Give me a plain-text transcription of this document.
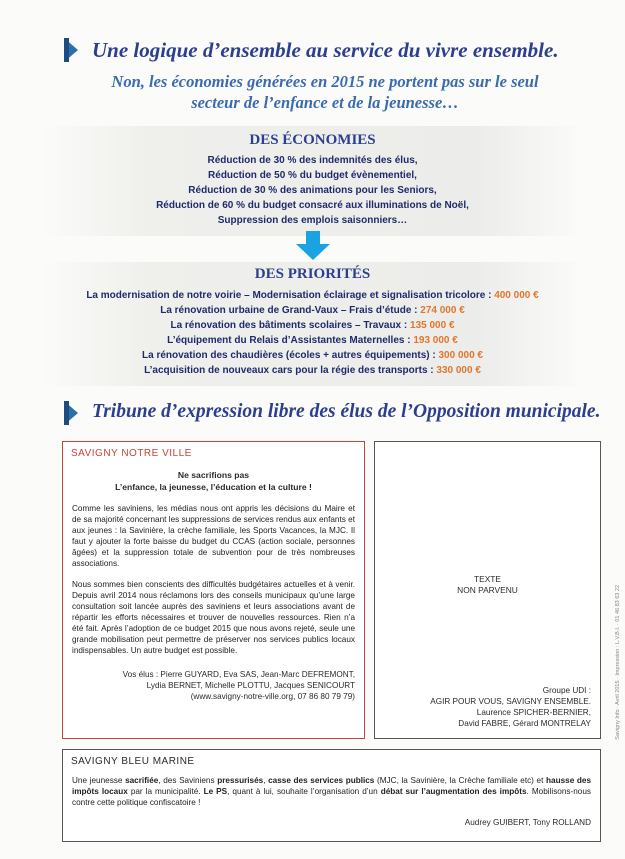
Une logique d’ensemble au service du vivre ensemble.
Non, les économies générées en 2015 ne portent pas sur le seul
secteur de l’enfance et de la jeunesse…
DES ÉCONOMIES
Réduction de 30 % des indemnités des élus,
Réduction de 50 % du budget évènementiel,
Réduction de 30 % des animations pour les Seniors,
Réduction de 60 % du budget consacré aux illuminations de Noël,
Suppression des emplois saisonniers…
DES PRIORITÉS
La modernisation de notre voirie – Modernisation éclairage et signalisation tricolore : 400 000 €
La rénovation urbaine de Grand-Vaux – Frais d’étude : 274 000 €
La rénovation des bâtiments scolaires – Travaux : 135 000 €
L’équipement du Relais d’Assistantes Maternelles : 193 000 €
La rénovation des chaudières (écoles + autres équipements) : 300 000 €
L’acquisition de nouveaux cars pour la régie des transports : 330 000 €
Tribune d’expression libre des élus de l’Opposition municipale.
SAVIGNY NOTRE VILLE
Ne sacrifions pas
L’enfance, la jeunesse, l’éducation et la culture !
Comme les saviniens, les médias nous ont appris les décisions du Maire et de sa majorité concernant les suppressions de services rendus aux enfants et aux jeunes : la Savinière, la crèche familiale, les Sports Vacances, la MJC. Il faut y ajouter la forte baisse du budget du CCAS (action sociale, personnes âgées) et la suppression totale de subvention pour de très nombreuses associations.
Nous sommes bien conscients des difficultés budgétaires actuelles et à venir. Depuis avril 2014 nous réclamons lors des conseils municipaux qu’une large consultation soit lancée auprès des saviniens et leurs associations avant de répartir les efforts nécessaires et trouver de nouvelles ressources. Rien n’a été fait. Après l’adoption de ce budget 2015 que nous avons rejeté, seule une grande mobilisation peut permettre de préserver nos services publics locaux indispensables. Un autre budget est possible.
Vos élus : Pierre GUYARD, Eva SAS, Jean-Marc DEFREMONT,
Lydia BERNET, Michelle PLOTTU, Jacques SENICOURT
(www.savigny-notre-ville.org, 07 86 80 79 79)
TEXTE
NON PARVENU
Groupe UDI :
AGIR POUR VOUS, SAVIGNY ENSEMBLE.
Laurence SPICHER-BERNIER,
David FABRE, Gérard MONTRELAY
SAVIGNY BLEU MARINE
Une jeunesse sacrifiée, des Saviniens pressurisés, casse des services publics (MJC, la Savinière, la Crèche familiale etc) et hausse des impôts locaux par la municipalité. Le PS, quant à lui, souhaite l’organisation d’un débat sur l’augmentation des impôts. Mobilisons-nous contre cette politique confiscatoire !
Audrey GUIBERT, Tony ROLLAND
Savigny Info · Avril 2015 · Impression : L.V.B.I. · 01 46 83 63 22
